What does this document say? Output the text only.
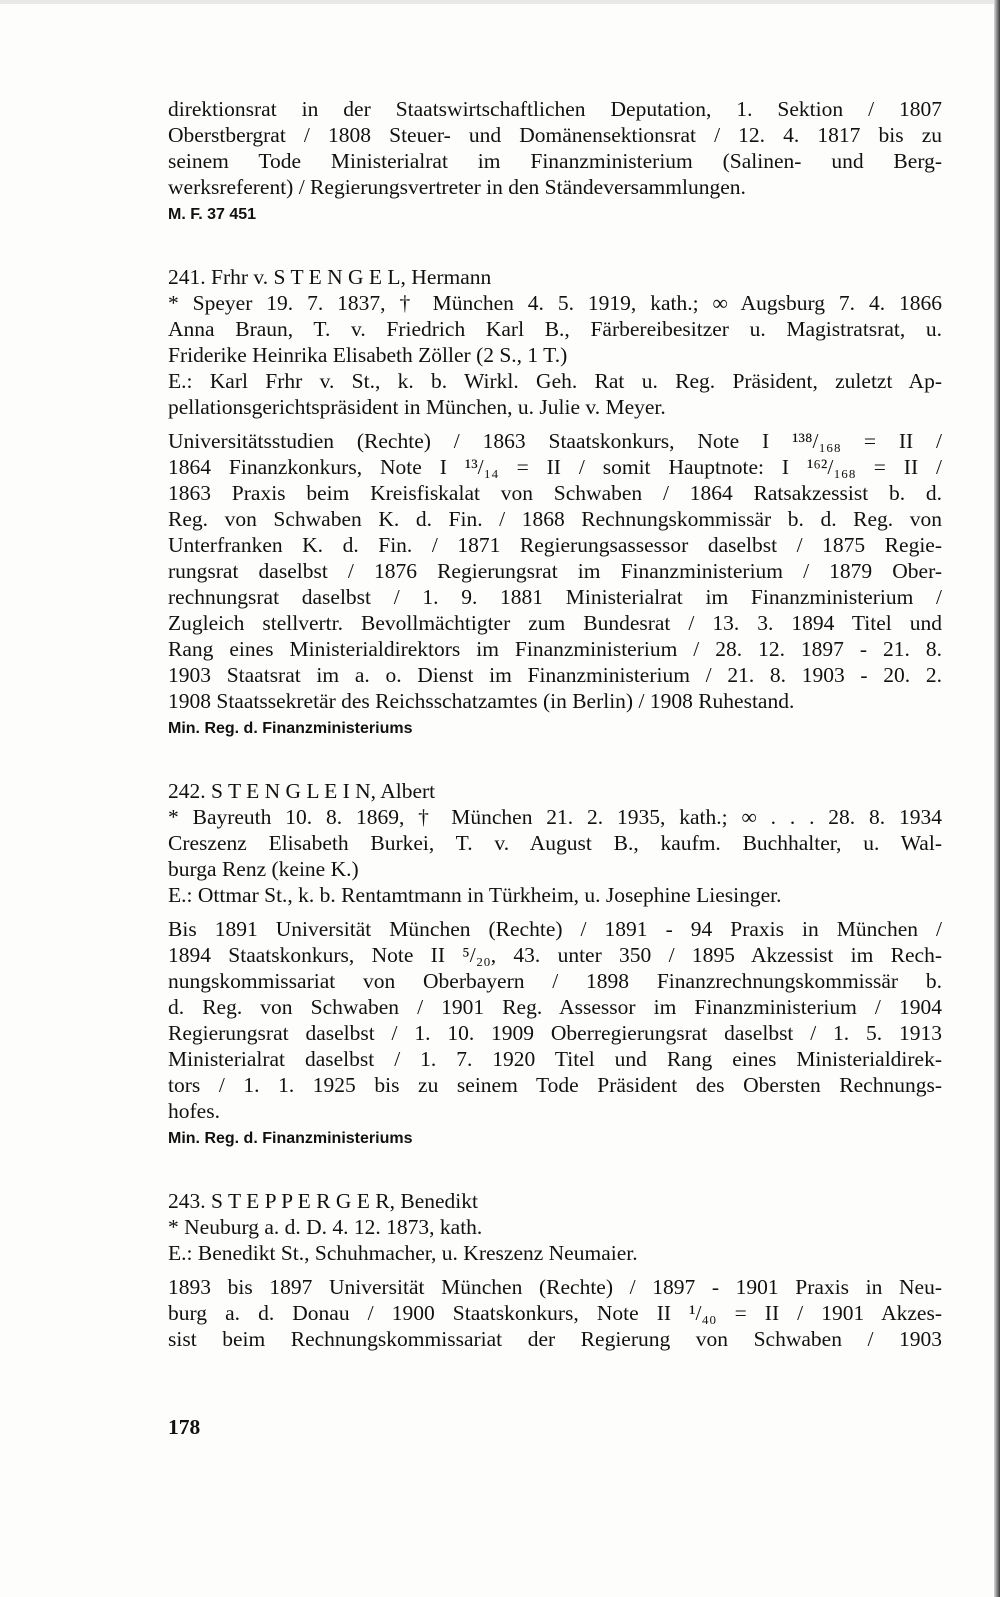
direktionsrat in der Staatswirtschaftlichen Deputation, 1. Sektion / 1807
Oberstbergrat / 1808 Steuer- und Domänensektionsrat / 12. 4. 1817 bis zu
seinem Tode Ministerialrat im Finanzministerium (Salinen- und Berg-
werksreferent) / Regierungsvertreter in den Ständeversammlungen.
M. F. 37 451
241. Frhr v. S T E N G E L, Hermann
* Speyer 19. 7. 1837, † München 4. 5. 1919, kath.; ∞ Augsburg 7. 4. 1866
Anna Braun, T. v. Friedrich Karl B., Färbereibesitzer u. Magistratsrat, u.
Friderike Heinrika Elisabeth Zöller (2 S., 1 T.)
E.: Karl Frhr v. St., k. b. Wirkl. Geh. Rat u. Reg. Präsident, zuletzt Ap-
pellationsgerichtspräsident in München, u. Julie v. Meyer.
Universitätsstudien (Rechte) / 1863 Staatskonkurs, Note I ¹³⁸/₁₆₈ = II /
1864 Finanzkonkurs, Note I ¹³/₁₄ = II / somit Hauptnote: I ¹⁶²/₁₆₈ = II /
1863 Praxis beim Kreisfiskalat von Schwaben / 1864 Ratsakzessist b. d.
Reg. von Schwaben K. d. Fin. / 1868 Rechnungskommissär b. d. Reg. von
Unterfranken K. d. Fin. / 1871 Regierungsassessor daselbst / 1875 Regie-
rungsrat daselbst / 1876 Regierungsrat im Finanzministerium / 1879 Ober-
rechnungsrat daselbst / 1. 9. 1881 Ministerialrat im Finanzministerium /
Zugleich stellvertr. Bevollmächtigter zum Bundesrat / 13. 3. 1894 Titel und
Rang eines Ministerialdirektors im Finanzministerium / 28. 12. 1897 - 21. 8.
1903 Staatsrat im a. o. Dienst im Finanzministerium / 21. 8. 1903 - 20. 2.
1908 Staatssekretär des Reichsschatzamtes (in Berlin) / 1908 Ruhestand.
Min. Reg. d. Finanzministeriums
242. S T E N G L E I N, Albert
* Bayreuth 10. 8. 1869, † München 21. 2. 1935, kath.; ∞ . . . 28. 8. 1934
Creszenz Elisabeth Burkei, T. v. August B., kaufm. Buchhalter, u. Wal-
burga Renz (keine K.)
E.: Ottmar St., k. b. Rentamtmann in Türkheim, u. Josephine Liesinger.
Bis 1891 Universität München (Rechte) / 1891 - 94 Praxis in München /
1894 Staatskonkurs, Note II ⁵/₂₀, 43. unter 350 / 1895 Akzessist im Rech-
nungskommissariat von Oberbayern / 1898 Finanzrechnungskommissär b.
d. Reg. von Schwaben / 1901 Reg. Assessor im Finanzministerium / 1904
Regierungsrat daselbst / 1. 10. 1909 Oberregierungsrat daselbst / 1. 5. 1913
Ministerialrat daselbst / 1. 7. 1920 Titel und Rang eines Ministerialdirek-
tors / 1. 1. 1925 bis zu seinem Tode Präsident des Obersten Rechnungs-
hofes.
Min. Reg. d. Finanzministeriums
243. S T E P P E R G E R, Benedikt
* Neuburg a. d. D. 4. 12. 1873, kath.
E.: Benedikt St., Schuhmacher, u. Kreszenz Neumaier.
1893 bis 1897 Universität München (Rechte) / 1897 - 1901 Praxis in Neu-
burg a. d. Donau / 1900 Staatskonkurs, Note II ¹/₄₀ = II / 1901 Akzes-
sist beim Rechnungskommissariat der Regierung von Schwaben / 1903
178
